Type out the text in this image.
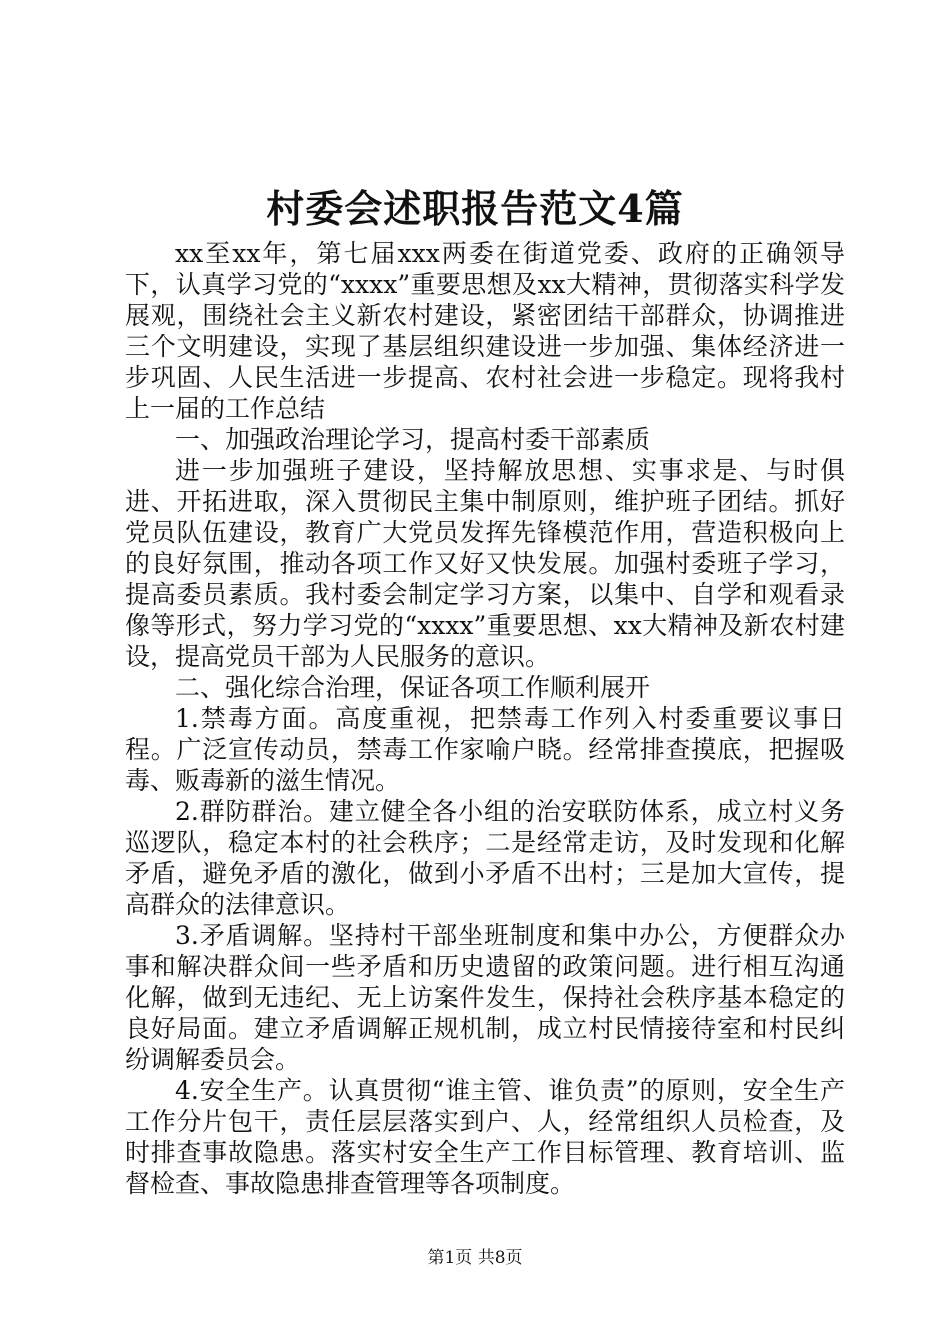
村委会述职报告范文4篇

xx至xx年，第七届xxx两委在街道党委、政府的正确领导下，认真学习党的“xxxx”重要思想及xx大精神，贯彻落实科学发展观，围绕社会主义新农村建设，紧密团结干部群众，协调推进三个文明建设，实现了基层组织建设进一步加强、集体经济进一步巩固、人民生活进一步提高、农村社会进一步稳定。现将我村上一届的工作总结

一、加强政治理论学习，提高村委干部素质

进一步加强班子建设，坚持解放思想、实事求是、与时俱进、开拓进取，深入贯彻民主集中制原则，维护班子团结。抓好党员队伍建设，教育广大党员发挥先锋模范作用，营造积极向上的良好氛围，推动各项工作又好又快发展。加强村委班子学习，提高委员素质。我村委会制定学习方案，以集中、自学和观看录像等形式，努力学习党的“xxxx”重要思想、xx大精神及新农村建设，提高党员干部为人民服务的意识。

二、强化综合治理，保证各项工作顺利展开

1.禁毒方面。高度重视，把禁毒工作列入村委重要议事日程。广泛宣传动员，禁毒工作家喻户晓。经常排查摸底，把握吸毒、贩毒新的滋生情况。

2.群防群治。建立健全各小组的治安联防体系，成立村义务巡逻队，稳定本村的社会秩序；二是经常走访，及时发现和化解矛盾，避免矛盾的激化，做到小矛盾不出村；三是加大宣传，提高群众的法律意识。

3.矛盾调解。坚持村干部坐班制度和集中办公，方便群众办事和解决群众间一些矛盾和历史遗留的政策问题。进行相互沟通化解，做到无违纪、无上访案件发生，保持社会秩序基本稳定的良好局面。建立矛盾调解正规机制，成立村民情接待室和村民纠纷调解委员会。

4.安全生产。认真贯彻“谁主管、谁负责”的原则，安全生产工作分片包干，责任层层落实到户、人，经常组织人员检查，及时排查事故隐患。落实村安全生产工作目标管理、教育培训、监督检查、事故隐患排查管理等各项制度。

第1页 共8页
